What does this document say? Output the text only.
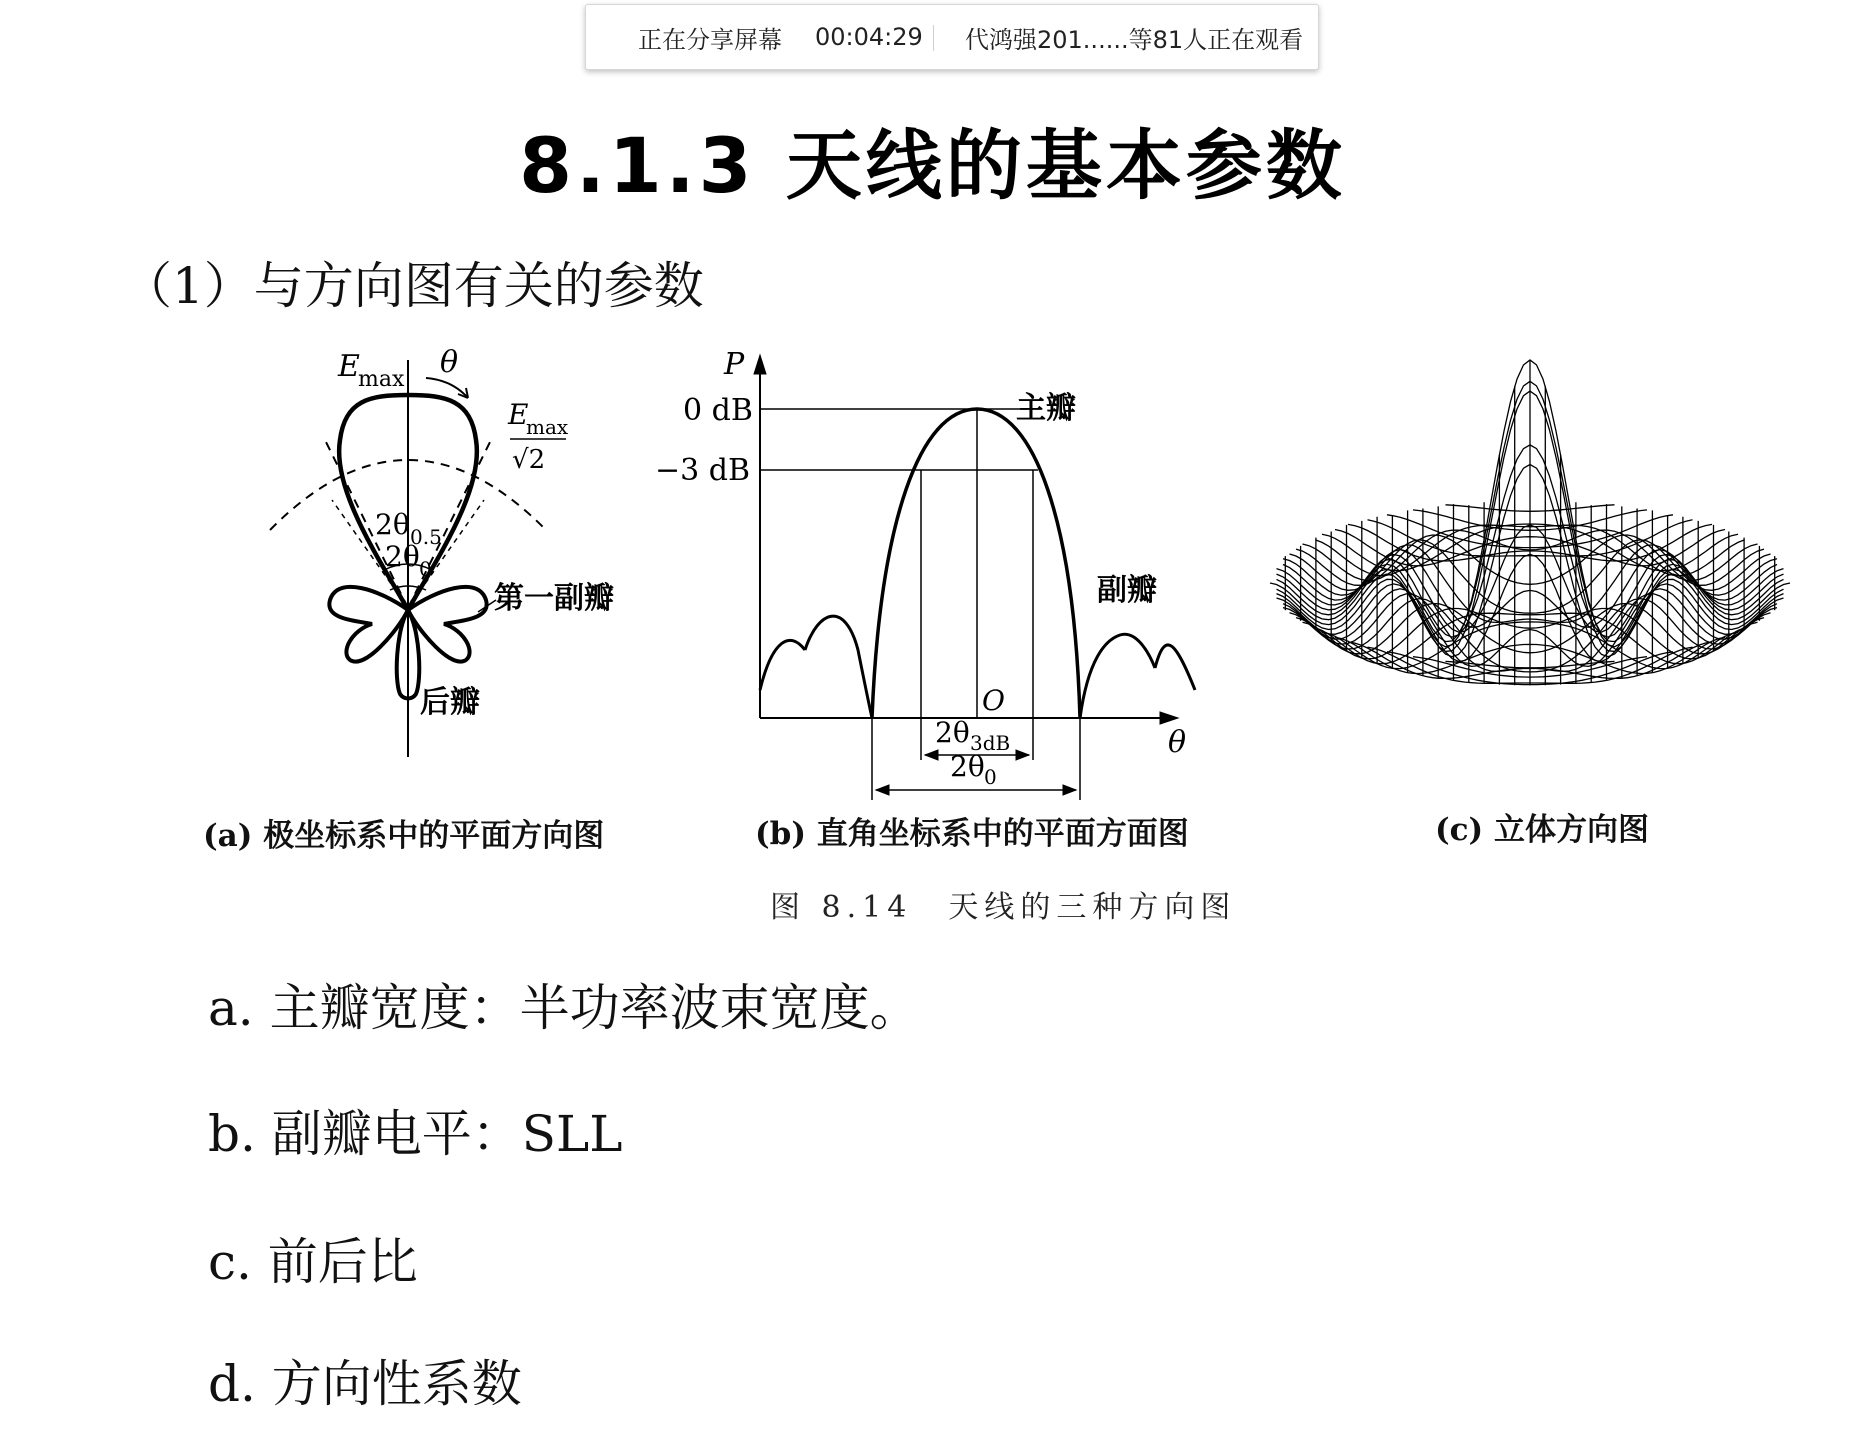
正在分享屏幕 00:04:29 代鸿强201......等81人正在观看
8.1.3 天线的基本参数
（1）与方向图有关的参数
E
max θ
E
max
√2
2θ 0.5
2θ 0
第一副瓣
后瓣
P
0 dB
−3 dB
主瓣
副瓣
O
θ
2θ 3dB
2θ 0
(a) 极坐标系中的平面方向图	(b) 直角坐标系中的平面方面图	(c) 立体方向图
图 8.14　天线的三种方向图
a. 主瓣宽度：半功率波束宽度。
b. 副瓣电平：SLL
c. 前后比
d. 方向性系数
